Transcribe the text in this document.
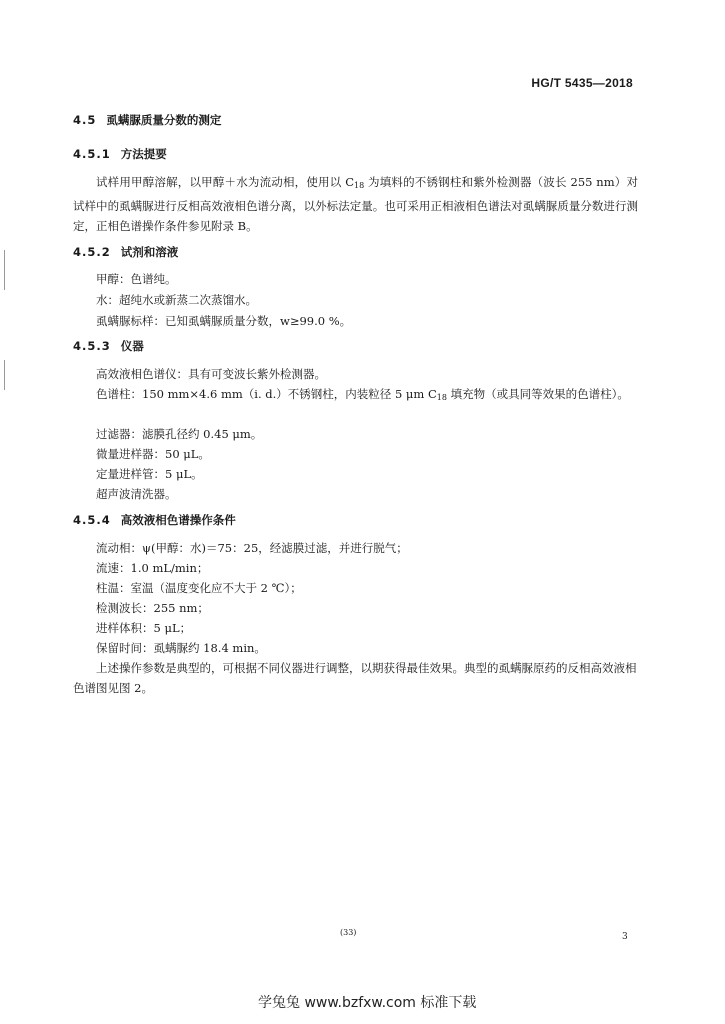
HG/T 5435—2018
4.5 虱螨脲质量分数的测定
4.5.1 方法提要
试样用甲醇溶解，以甲醇＋水为流动相，使用以 $C_{18}$ 为填料的不锈钢柱和紫外检测器（波长 255 nm）对试样中的虱螨脲进行反相高效液相色谱分离，以外标法定量。也可采用正相液相色谱法对虱螨脲质量分数进行测定，正相色谱操作条件参见附录 B。
4.5.2 试剂和溶液
甲醇：色谱纯。
水：超纯水或新蒸二次蒸馏水。
虱螨脲标样：已知虱螨脲质量分数，w≥99.0 %。
4.5.3 仪器
高效液相色谱仪：具有可变波长紫外检测器。
色谱柱：150 mm×4.6 mm（i. d.）不锈钢柱，内装粒径 5 μm $C_{18}$ 填充物（或具同等效果的色谱柱）。
过滤器：滤膜孔径约 0.45 μm。
微量进样器：50 μL。
定量进样管：5 μL。
超声波清洗器。
4.5.4 高效液相色谱操作条件
流动相：ψ(甲醇：水)＝75：25，经滤膜过滤，并进行脱气；
流速：1.0 mL/min；
柱温：室温（温度变化应不大于 2 ℃）；
检测波长：255 nm；
进样体积：5 μL；
保留时间：虱螨脲约 18.4 min。
上述操作参数是典型的，可根据不同仪器进行调整，以期获得最佳效果。典型的虱螨脲原药的反相高效液相色谱图见图 2。
(33)	3
学兔兔 www.bzfxw.com 标准下载
